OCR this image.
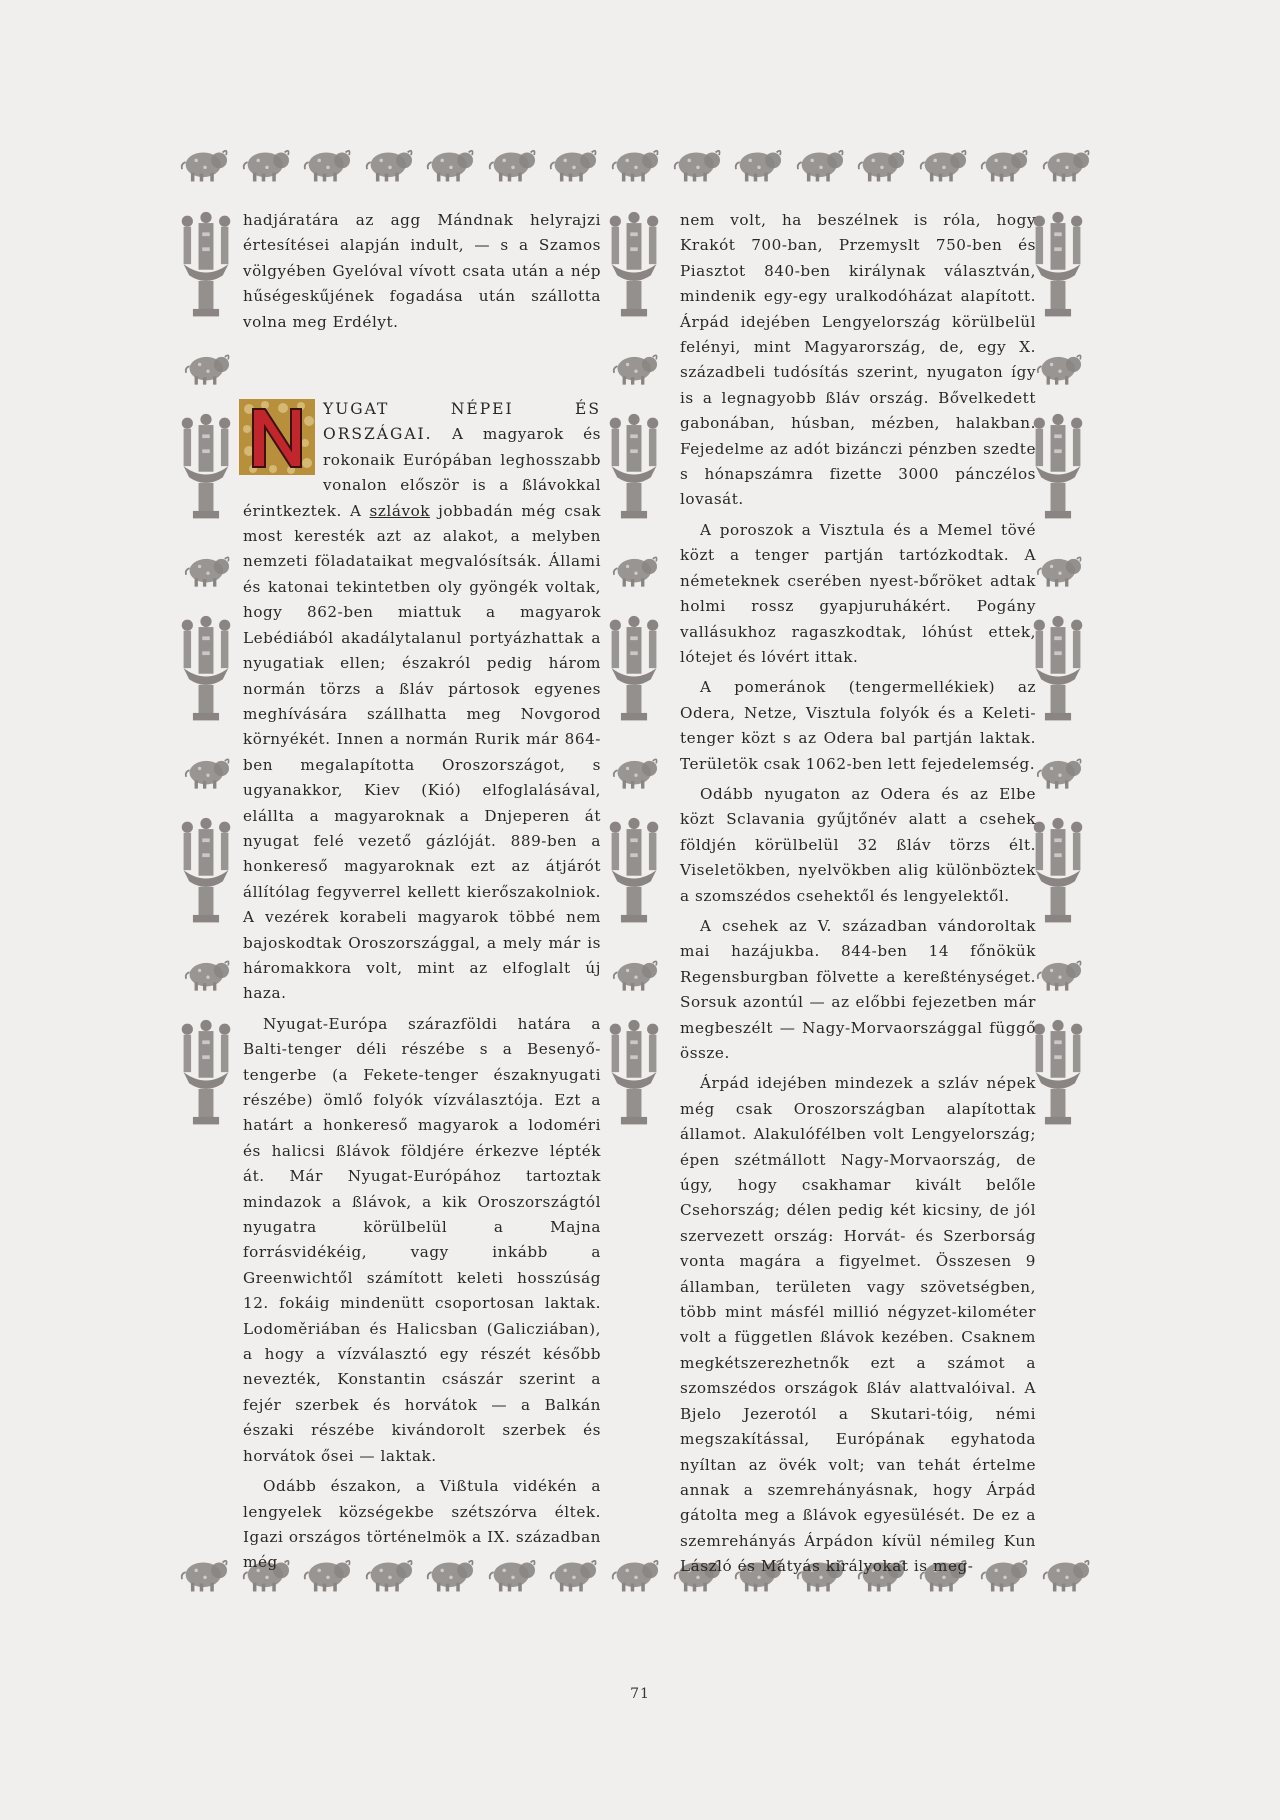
hadjáratára az agg Mándnak helyrajzi értesítései alapján indult, — s a Szamos völgyében Gyelóval vívott csata után a nép hűségeskűjének fogadása után szállotta volna meg Erdélyt.

YUGAT NÉPEI ÉS ORSZÁGAI. A magyarok és rokonaik Európában leghosszabb vonalon először is a ßlávokkal érintkeztek. A szlávok jobbadán még csak most keresték azt az alakot, a melyben nemzeti föladataikat megvalósítsák. Állami és katonai tekintetben oly gyöngék voltak, hogy 862-ben miattuk a magyarok Lebédiából akadálytalanul portyázhattak a nyugatiak ellen; északról pedig három normán törzs a ßláv pártosok egyenes meghívására szállhatta meg Novgorod környékét. Innen a normán Rurik már 864-ben megalapította Oroszországot, s ugyanakkor, Kiev (Kió) elfoglalásával, elállta a magyaroknak a Dnjeperen át nyugat felé vezető gázlóját. 889-ben a honkereső magyaroknak ezt az átjárót állítólag fegyverrel kellett kierőszakolniok. A vezérek korabeli magyarok többé nem bajoskodtak Oroszországgal, a mely már is háromakkora volt, mint az elfoglalt új haza.

Nyugat-Európa szárazföldi határa a Balti-tenger déli részébe s a Besenyő-tengerbe (a Fekete-tenger északnyugati részébe) ömlő folyók vízválasztója. Ezt a határt a honkereső magyarok a lodoméri és halicsi ßlávok földjére érkezve lépték át. Már Nyugat-Európához tartoztak mindazok a ßlávok, a kik Oroszországtól nyugatra körülbelül a Majna forrásvidékéig, vagy inkább a Greenwichtől számított keleti hosszúság 12. fokáig mindenütt csoportosan laktak. Lodoměriában és Halicsban (Galicziában), a hogy a vízválasztó egy részét később nevezték, Konstantin császár szerint a fejér szerbek és horvátok — a Balkán északi részébe kivándorolt szerbek és horvátok ősei — laktak.

Odább északon, a Vißtula vidékén a lengyelek községekbe szétszórva éltek. Igazi országos történelmök a IX. században még

nem volt, ha beszélnek is róla, hogy Krakót 700-ban, Przemyslt 750-ben és Piasztot 840-ben királynak választván, mindenik egy-egy uralkodóházat alapított. Árpád idejében Lengyelország körülbelül felényi, mint Magyarország, de, egy X. századbeli tudósítás szerint, nyugaton így is a legnagyobb ßláv ország. Bővelkedett gabonában, húsban, mézben, halakban. Fejedelme az adót bizánczi pénzben szedte s hónapszámra fizette 3000 pánczélos lovasát.

A poroszok a Visztula és a Memel tövé közt a tenger partján tartózkodtak. A németeknek cserében nyest-bőröket adtak holmi rossz gyapjuruhákért. Pogány vallásukhoz ragaszkodtak, lóhúst ettek, lótejet és lóvért ittak.

A pomeránok (tengermellékiek) az Odera, Netze, Visztula folyók és a Keleti-tenger közt s az Odera bal partján laktak. Területök csak 1062-ben lett fejedelemség.

Odább nyugaton az Odera és az Elbe közt Sclavania gyűjtőnév alatt a csehek földjén körülbelül 32 ßláv törzs élt. Viseletökben, nyelvökben alig különböztek a szomszédos csehektől és lengyelektől.

A csehek az V. században vándoroltak mai hazájukba. 844-ben 14 főnökük Regensburgban fölvette a kereßténységet. Sorsuk azontúl — az előbbi fejezetben már megbeszélt — Nagy-Morvaországgal függő össze.

Árpád idejében mindezek a szláv népek még csak Oroszországban alapítottak államot. Alakulófélben volt Lengyelország; épen szétmállott Nagy-Morvaország, de úgy, hogy csakhamar kivált belőle Csehország; délen pedig két kicsiny, de jól szervezett ország: Horvát- és Szerborság vonta magára a figyelmet. Összesen 9 államban, területen vagy szövetségben, több mint másfél millió négyzet-kilométer volt a független ßlávok kezében. Csaknem megkétszerezhetnők ezt a számot a szomszédos országok ßláv alattvalóival. A Bjelo Jezerotól a Skutari-tóig, némi megszakítással, Európának egyhatoda nyíltan az övék volt; van tehát értelme annak a szemrehányásnak, hogy Árpád gátolta meg a ßlávok egyesülését. De ez a szemrehányás Árpádon kívül némileg Kun László és Mátyás királyokat is meg-

71
